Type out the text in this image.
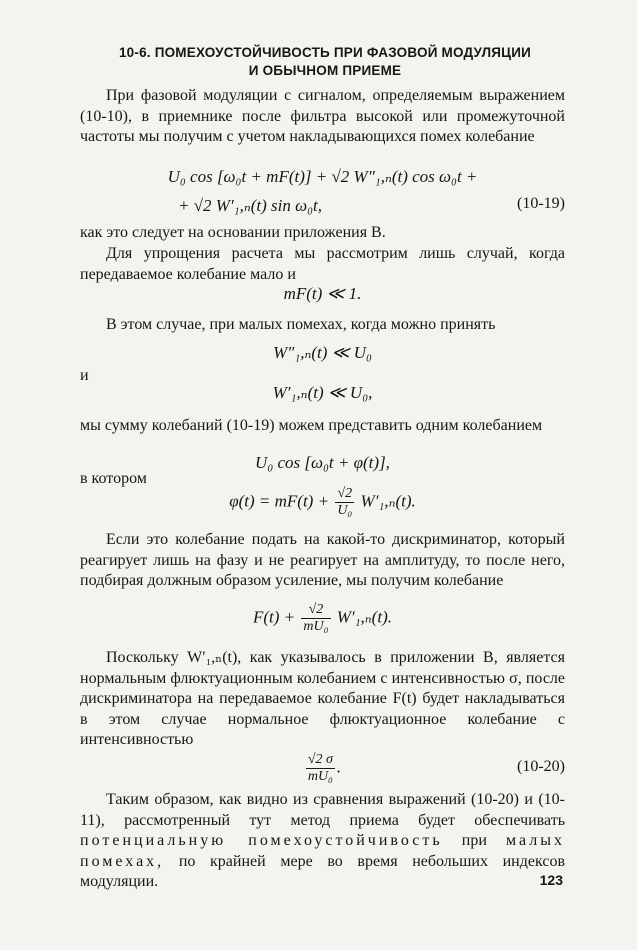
10-6. ПОМЕХОУСТОЙЧИВОСТЬ ПРИ ФАЗОВОЙ МОДУЛЯЦИИ
И ОБЫЧНОМ ПРИЕМЕ
При фазовой модуляции с сигналом, определяемым выражением (10-10), в приемнике после фильтра высокой или промежуточной частоты мы получим с учетом накладывающихся помех колебание
U₀ cos [ω₀t + mF(t)] + √2 W″₁,ₙ(t) cos ω₀t +
+ √2 W′₁,ₙ(t) sin ω₀t,	(10-19)
как это следует на основании приложения В.
Для упрощения расчета мы рассмотрим лишь случай, когда передаваемое колебание мало и
mF(t) ≪ 1.
В этом случае, при малых помехах, когда можно принять
W″₁,ₙ(t) ≪ U₀
и
W′₁,ₙ(t) ≪ U₀,
мы сумму колебаний (10-19) можем представить одним колебанием
U₀ cos [ω₀t + φ(t)],
в котором
$\varphi(t) = mF(t) + \frac{√2}{\text{U₀}} W'_1,_n(t)$.
Если это колебание подать на какой-то дискриминатор, который реагирует лишь на фазу и не реагирует на амплитуду, то после него, подбирая должным образом усиление, мы получим колебание
$F(t) + \frac{√2}{\text{mU₀}} W'_1,_n(t)$.
Поскольку W′₁,ₙ(t), как указывалось в приложении В, является нормальным флюктуационным колебанием с интенсивностью σ, после дискриминатора на передаваемое колебание F(t) будет накладываться в этом случае нормальное флюктуационное колебание с интенсивностью
$\frac{√2 \sigma}{\text{mU₀}}$ .	(10-20)
Таким образом, как видно из сравнения выражений (10-20) и (10-11), рассмотренный тут метод приема будет обеспечивать потенциальную помехоустойчивость при малых помехах, по крайней мере во время небольших индексов модуляции.	123
